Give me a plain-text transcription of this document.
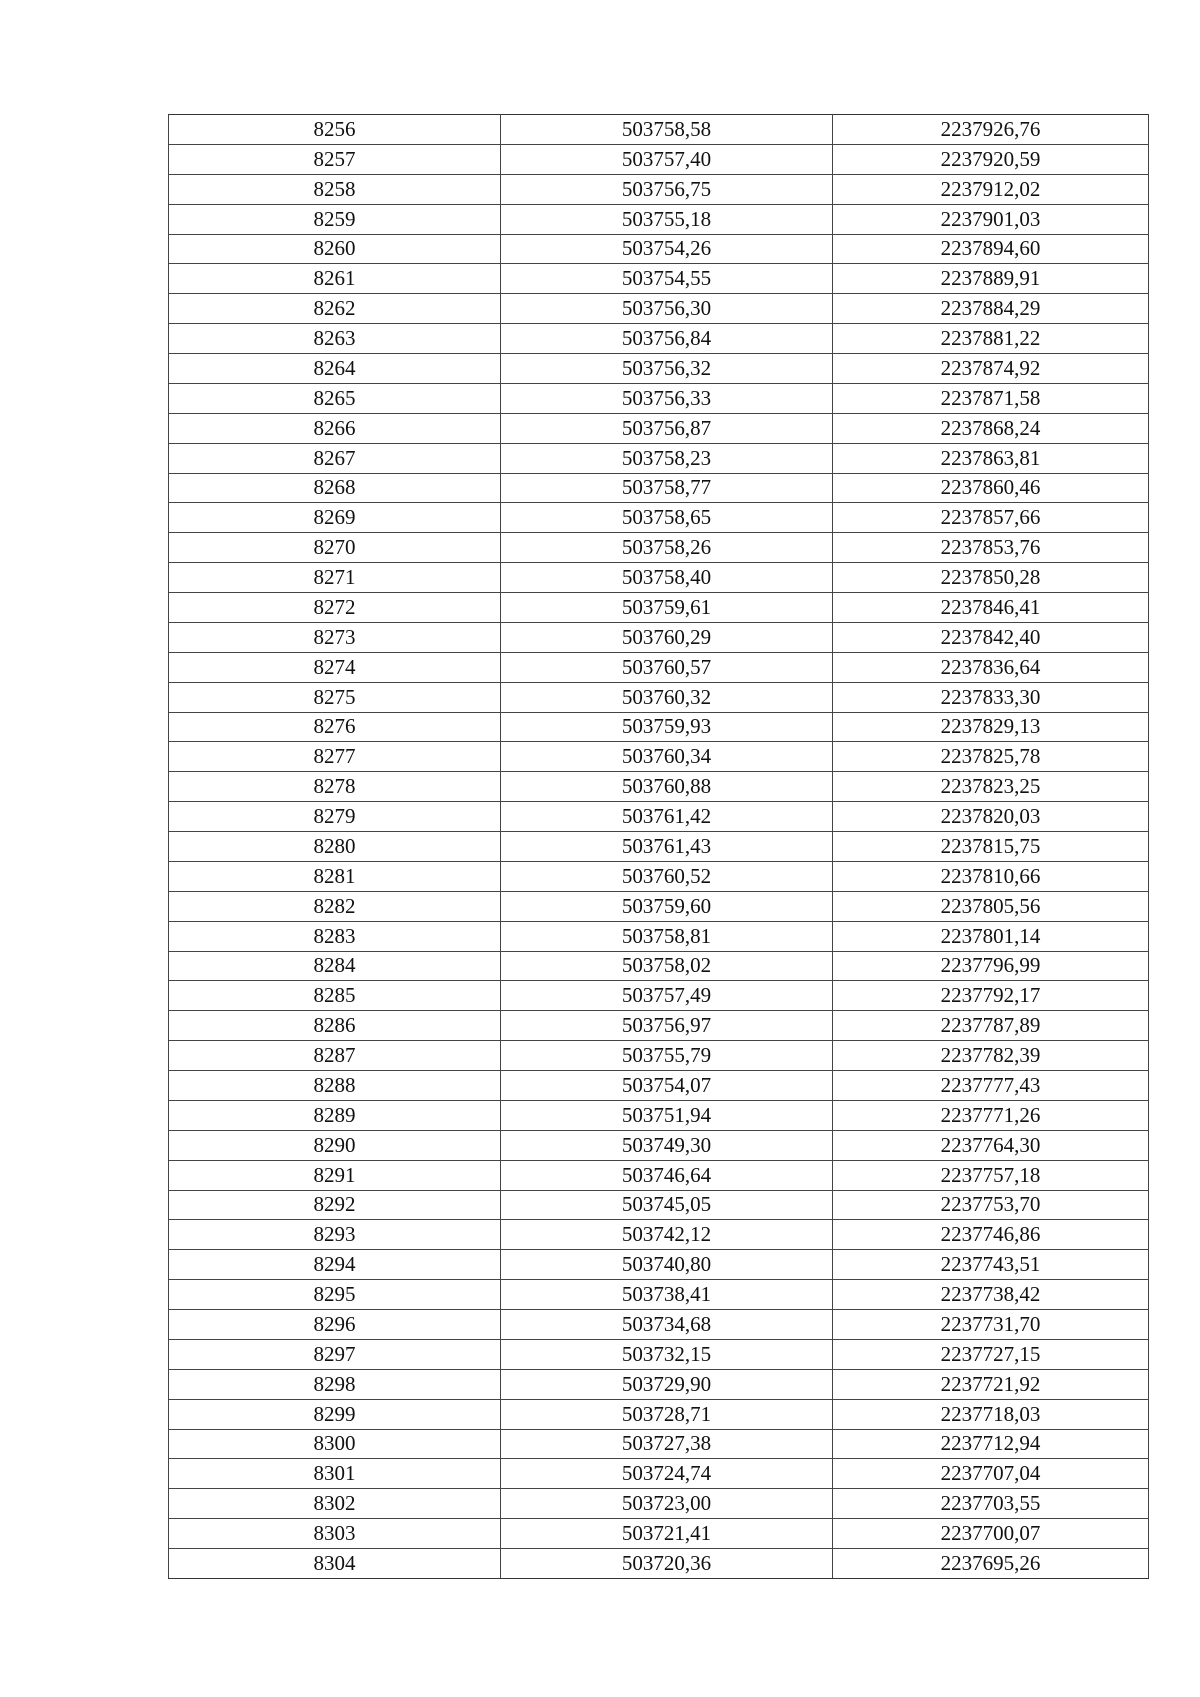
8256	503758,58	2237926,76
8257	503757,40	2237920,59
8258	503756,75	2237912,02
8259	503755,18	2237901,03
8260	503754,26	2237894,60
8261	503754,55	2237889,91
8262	503756,30	2237884,29
8263	503756,84	2237881,22
8264	503756,32	2237874,92
8265	503756,33	2237871,58
8266	503756,87	2237868,24
8267	503758,23	2237863,81
8268	503758,77	2237860,46
8269	503758,65	2237857,66
8270	503758,26	2237853,76
8271	503758,40	2237850,28
8272	503759,61	2237846,41
8273	503760,29	2237842,40
8274	503760,57	2237836,64
8275	503760,32	2237833,30
8276	503759,93	2237829,13
8277	503760,34	2237825,78
8278	503760,88	2237823,25
8279	503761,42	2237820,03
8280	503761,43	2237815,75
8281	503760,52	2237810,66
8282	503759,60	2237805,56
8283	503758,81	2237801,14
8284	503758,02	2237796,99
8285	503757,49	2237792,17
8286	503756,97	2237787,89
8287	503755,79	2237782,39
8288	503754,07	2237777,43
8289	503751,94	2237771,26
8290	503749,30	2237764,30
8291	503746,64	2237757,18
8292	503745,05	2237753,70
8293	503742,12	2237746,86
8294	503740,80	2237743,51
8295	503738,41	2237738,42
8296	503734,68	2237731,70
8297	503732,15	2237727,15
8298	503729,90	2237721,92
8299	503728,71	2237718,03
8300	503727,38	2237712,94
8301	503724,74	2237707,04
8302	503723,00	2237703,55
8303	503721,41	2237700,07
8304	503720,36	2237695,26
